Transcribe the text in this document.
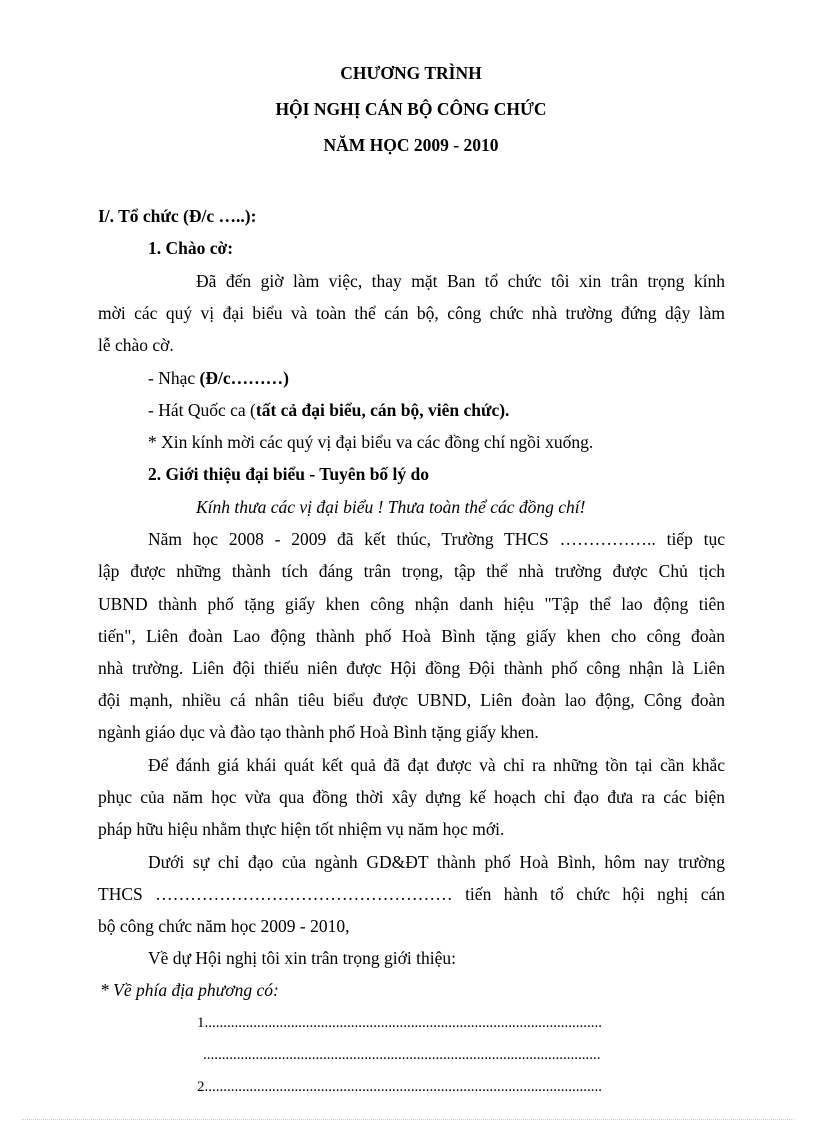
CHƯƠNG TRÌNH
HỘI NGHỊ CÁN BỘ CÔNG CHỨC
NĂM HỌC 2009 - 2010
I/. Tổ chức (Đ/c …..):
1. Chào cờ:
Đã đến giờ làm việc, thay mặt Ban tổ chức tôi xin trân trọng kính
mời các quý vị đại biểu và toàn thể cán bộ, công chức nhà trường đứng dậy làm
lễ chào cờ.
- Nhạc (Đ/c………)
- Hát Quốc ca (tất cả đại biểu, cán bộ, viên chức).
* Xin kính mời các quý vị đại biểu va các đồng chí ngồi xuống.
2. Giới thiệu đại biểu - Tuyên bố lý do
Kính thưa các vị đại biểu ! Thưa toàn thể các đồng chí!
Năm học 2008 - 2009 đã kết thúc, Trường THCS …………….. tiếp tục
lập được những thành tích đáng trân trọng, tập thể nhà trường được Chủ tịch
UBND thành phố tặng giấy khen công nhận danh hiệu "Tập thể lao động tiên
tiến", Liên đoàn Lao động thành phố Hoà Bình tặng giấy khen cho công đoàn
nhà trường. Liên đội thiếu niên được Hội đồng Đội thành phố công nhận là Liên
đội mạnh, nhiều cá nhân tiêu biểu được UBND, Liên đoàn lao động, Công đoàn
ngành giáo dục và đào tạo thành phố Hoà Bình tặng giấy khen.
Để đánh giá khái quát kết quả đã đạt được và chỉ ra những tồn tại cần khắc
phục của năm học vừa qua đồng thời xây dựng kế hoạch chỉ đạo đưa ra các biện
pháp hữu hiệu nhằm thực hiện tốt nhiệm vụ năm học mới.
Dưới sự chỉ đạo của ngành GD&ĐT thành phố Hoà Bình, hôm nay trường
THCS …………………………………………… tiến hành tổ chức hội nghị cán
bộ công chức năm học 2009 - 2010,
Về dự Hội nghị tôi xin trân trọng giới thiệu:
* Về phía địa phương có:
1..........................................................................................................
..........................................................................................................
2..........................................................................................................
